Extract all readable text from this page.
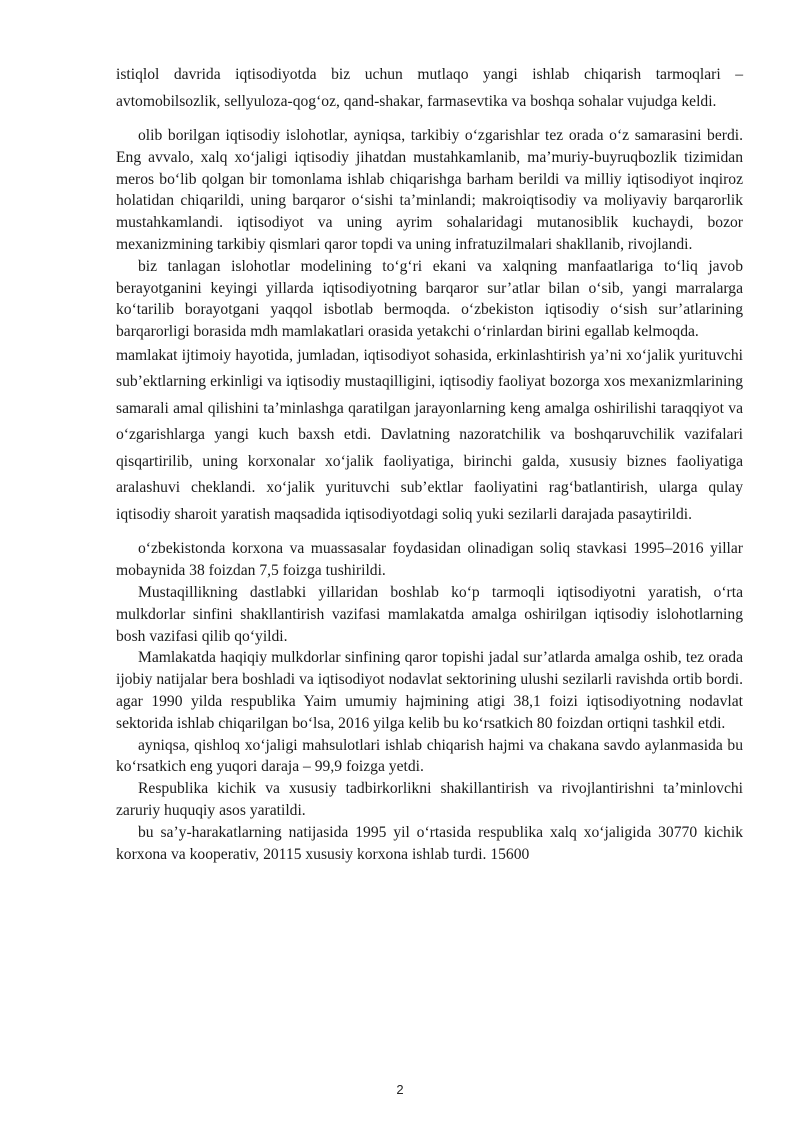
istiqlol davrida iqtisodiyotda biz uchun mutlaqo yangi ishlab chiqarish tarmoqlari – avtomobilsozlik, sellyuloza-qog‘oz, qand-shakar, farmasevtika va boshqa sohalar vujudga keldi.

olib borilgan iqtisodiy islohotlar, ayniqsa, tarkibiy o‘zgarishlar tez orada o‘z samarasini berdi. Eng avvalo, xalq xo‘jaligi iqtisodiy jihatdan mustahkamlanib, ma’muriy-buyruqbozlik tizimidan meros bo‘lib qolgan bir tomonlama ishlab chiqarishga barham berildi va milliy iqtisodiyot inqiroz holatidan chiqarildi, uning barqaror o‘sishi ta’minlandi; makroiqtisodiy va moliyaviy barqarorlik mustahkamlandi. iqtisodiyot va uning ayrim sohalaridagi mutanosiblik kuchaydi, bozor mexanizmining tarkibiy qismlari qaror topdi va uning infratuzilmalari shakllanib, rivojlandi.

biz tanlagan islohotlar modelining to‘g‘ri ekani va xalqning manfaatlariga to‘liq javob berayotganini keyingi yillarda iqtisodiyotning barqaror sur’atlar bilan o‘sib, yangi marralarga ko‘tarilib borayotgani yaqqol isbotlab bermoqda. o‘zbekiston iqtisodiy o‘sish sur’atlarining barqarorligi borasida mdh mamlakatlari orasida yetakchi o‘rinlardan birini egallab kelmoqda.

mamlakat ijtimoiy hayotida, jumladan, iqtisodiyot sohasida, erkinlashtirish ya’ni xo‘jalik yurituvchi sub’ektlarning erkinligi va iqtisodiy mustaqilligini, iqtisodiy faoliyat bozorga xos mexanizmlarining samarali amal qilishini ta’minlashga qaratilgan jarayonlarning keng amalga oshirilishi taraqqiyot va o‘zgarishlarga yangi kuch baxsh etdi. Davlatning nazoratchilik va boshqaruvchilik vazifalari qisqartirilib, uning korxonalar xo‘jalik faoliyatiga, birinchi galda, xususiy biznes faoliyatiga aralashuvi cheklandi. xo‘jalik yurituvchi sub’ektlar faoliyatini rag‘batlantirish, ularga qulay iqtisodiy sharoit yaratish maqsadida iqtisodiyotdagi soliq yuki sezilarli darajada pasaytirildi.

o‘zbekistonda korxona va muassasalar foydasidan olinadigan soliq stavkasi 1995–2016 yillar mobaynida 38 foizdan 7,5 foizga tushirildi.

Mustaqillikning dastlabki yillaridan boshlab ko‘p tarmoqli iqtisodiyotni yaratish, o‘rta mulkdorlar sinfini shakllantirish vazifasi mamlakatda amalga oshirilgan iqtisodiy islohotlarning bosh vazifasi qilib qo‘yildi.

Mamlakatda haqiqiy mulkdorlar sinfining qaror topishi jadal sur’atlarda amalga oshib, tez orada ijobiy natijalar bera boshladi va iqtisodiyot nodavlat sektorining ulushi sezilarli ravishda ortib bordi. agar 1990 yilda respublika Yaim umumiy hajmining atigi 38,1 foizi iqtisodiyotning nodavlat sektorida ishlab chiqarilgan bo‘lsa, 2016 yilga kelib bu ko‘rsatkich 80 foizdan ortiqni tashkil etdi.

ayniqsa, qishloq xo‘jaligi mahsulotlari ishlab chiqarish hajmi va chakana savdo aylanmasida bu ko‘rsatkich eng yuqori daraja – 99,9 foizga yetdi.

Respublika kichik va xususiy tadbirkorlikni shakillantirish va rivojlantirishni ta’minlovchi zaruriy huquqiy asos yaratildi.

bu sa’y-harakatlarning natijasida 1995 yil o‘rtasida respublika xalq xo‘jaligida 30770 kichik korxona va kooperativ, 20115 xususiy korxona ishlab turdi. 15600

2
